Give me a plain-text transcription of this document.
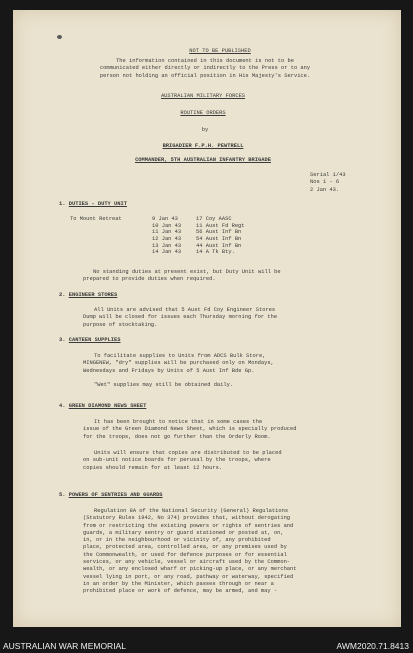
NOT TO BE PUBLISHED
The information contained in this document is not to be
communicated either directly or indirectly to the Press or to any
person not holding an official position in His Majesty's Service.
AUSTRALIAN MILITARY FORCES
ROUTINE ORDERS
by
BRIGADIER F.P.H. PEWTRELL
COMMANDER, 5TH AUSTRALIAN INFANTRY BRIGADE
Serial 1/43
Nos 1 - 6
2 Jan 43.
1. DUTIES - DUTY UNIT
To Mount Retreat	9 Jan 43	17 Coy AASC
10 Jan 43	11 Aust Fd Regt
11 Jan 43	56 Aust Inf Bn
12 Jan 43	54 Aust Inf Bn
13 Jan 43	44 Aust Inf Bn
14 Jan 43	14 A Tk Bty.
No standing duties at present exist, but Duty Unit will be
prepared to provide duties when required.
2. ENGINEER STORES
All Units are advised that 5 Aust Fd Coy Engineer Stores
Dump will be closed for issues each Thursday morning for the
purpose of stocktaking.
3. CANTEEN SUPPLIES
To facilitate supplies to Units from ADCS Bulk Store,
MINGENEW, "dry" supplies will be purchased only on Mondays,
Wednesdays and Fridays by Units of 5 Aust Inf Bde Gp.
"Wet" supplies may still be obtained daily.
4. GREEN DIAMOND NEWS SHEET
It has been brought to notice that in some cases the
issue of the Green Diamond News Sheet, which is specially produced
for the troops, does not go further than the Orderly Room.
Units will ensure that copies are distributed to be placed
on sub-unit notice boards for perusal by the troops, where
copies should remain for at least 12 hours.
5. POWERS OF SENTRIES AND GUARDS
Regulation 8A of the National Security (General) Regulations
(Statutory Rules 1942, No 374) provides that, without derogating
from or restricting the existing powers or rights of sentries and
guards, a military sentry or guard stationed or posted at, on,
in, or in the neighbourhood or vicinity of, any prohibited
place, protected area, controlled area, or any premises used by
the Commonwealth, or used for defence purposes or for essential
services, or any vehicle, vessel or aircraft used by the Common-
wealth, or any enclosed wharf or picking-up place, or any merchant
vessel lying in port, or any road, pathway or waterway, specified
in an order by the Minister, which passes through or near a
prohibited place or work of defence, may be armed, and may -
AUSTRALIAN WAR MEMORIAL	AWM2020.71.8413
